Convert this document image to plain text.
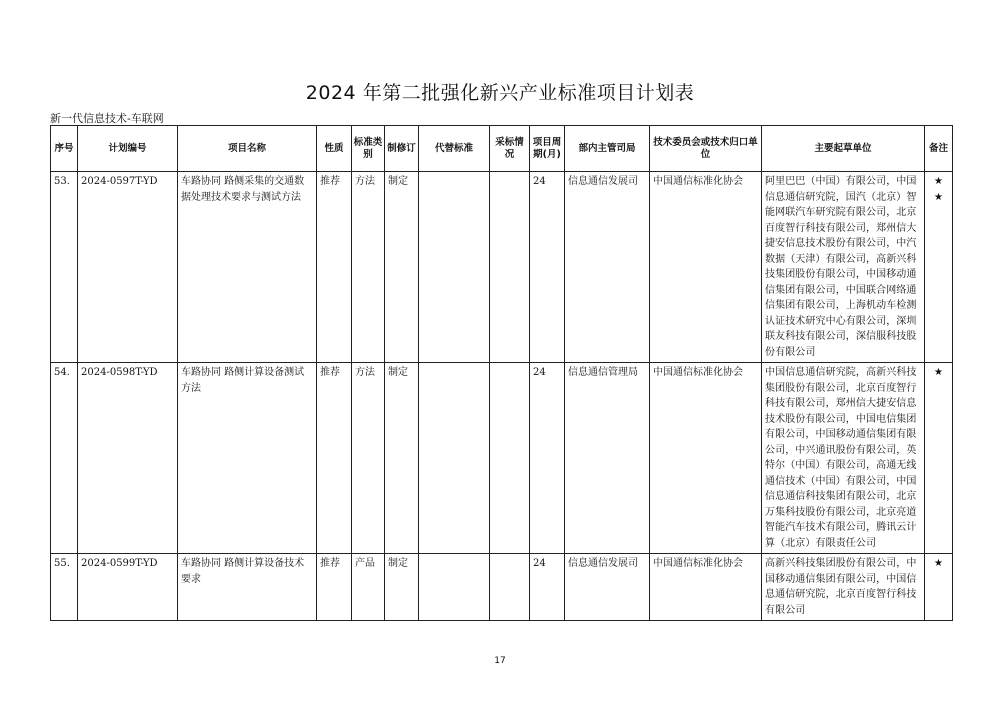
2024 年第二批强化新兴产业标准项目计划表
新一代信息技术-车联网
序号	计划编号	项目名称	性质	标准类别	制修订	代替标准	采标情况	项目周期(月)	部内主管司局	技术委员会或技术归口单位	主要起草单位	备注
53.	2024-0597T-YD	车路协同 路侧采集的交通数据处理技术要求与测试方法	推荐	方法	制定			24	信息通信发展司	中国通信标准化协会	阿里巴巴（中国）有限公司，中国信息通信研究院，国汽（北京）智能网联汽车研究院有限公司，北京百度智行科技有限公司，郑州信大捷安信息技术股份有限公司，中汽数据（天津）有限公司，高新兴科技集团股份有限公司，中国移动通信集团有限公司，中国联合网络通信集团有限公司，上海机动车检测认证技术研究中心有限公司，深圳联友科技有限公司，深信服科技股份有限公司	★ ★
54.	2024-0598T-YD	车路协同 路侧计算设备测试方法	推荐	方法	制定			24	信息通信管理局	中国通信标准化协会	中国信息通信研究院，高新兴科技集团股份有限公司，北京百度智行科技有限公司，郑州信大捷安信息技术股份有限公司，中国电信集团有限公司，中国移动通信集团有限公司，中兴通讯股份有限公司，英特尔（中国）有限公司，高通无线通信技术（中国）有限公司，中国信息通信科技集团有限公司，北京万集科技股份有限公司，北京亮道智能汽车技术有限公司，腾讯云计算（北京）有限责任公司	★
55.	2024-0599T-YD	车路协同 路侧计算设备技术要求	推荐	产品	制定			24	信息通信发展司	中国通信标准化协会	高新兴科技集团股份有限公司，中国移动通信集团有限公司，中国信息通信研究院，北京百度智行科技有限公司	★
17
